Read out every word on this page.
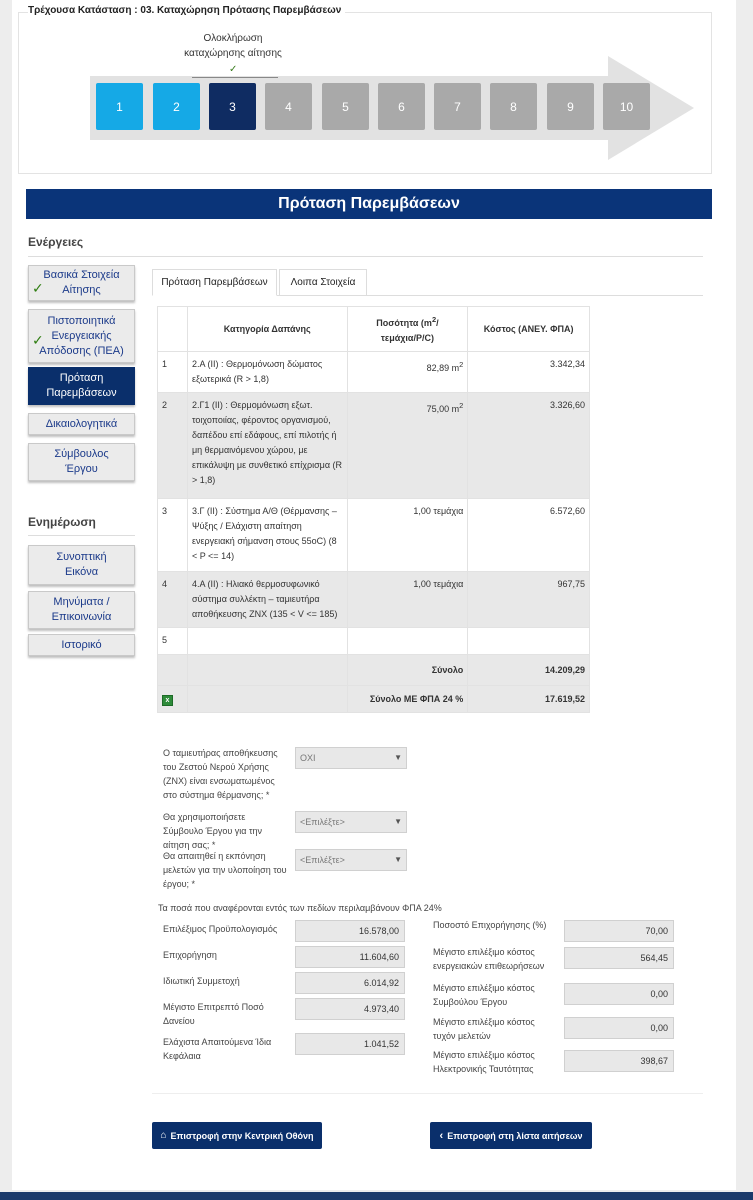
Τρέχουσα Κατάσταση : 03. Καταχώρηση Πρότασης Παρεμβάσεων
Ολοκλήρωση καταχώρησης αίτησης
✓
1	2	3	4	5	6	7	8	9	10
Πρόταση Παρεμβάσεων
Ενέργειες
✓
Βασικά Στοιχεία Αίτησης
✓
Πιστοποιητικά Ενεργειακής Απόδοσης (ΠΕΑ)
Πρόταση Παρεμβάσεων
Δικαιολογητικά
Σύμβουλος Έργου
Ενημέρωση
Συνοπτική Εικόνα
Μηνύματα / Επικοινωνία
Ιστορικό
Πρόταση Παρεμβάσεων	Λοιπα Στοιχεία
	Κατηγορία Δαπάνης	Ποσότητα ($m^2/$
τεμάχια/P/C)	Κόστος (ΑΝΕΥ. ΦΠΑ)
1	2.Α (ΙΙ) : Θερμομόνωση δώματος εξωτερικά (R > 1,8)	82,89 $m^2$	3.342,34
2	2.Γ1 (ΙΙ) : Θερμομόνωση εξωτ. τοιχοποιίας, φέροντος οργανισμού, δαπέδου επί εδάφους, επί πιλοτής ή μη θερμαινόμενου χώρου, με επικάλυψη με συνθετικό επίχρισμα (R > 1,8)	75,00 $m^2$	3.326,60
3	3.Γ (ΙΙ) : Σύστημα Α/Θ (Θέρμανσης – Ψύξης / Ελάχιστη απαίτηση ενεργειακή σήμανση στους 55oC) (8 < P <= 14)	1,00 τεμάχια	6.572,60
4	4.Α (ΙΙ) : Ηλιακό θερμοσυφωνικό σύστημα συλλέκτη – ταμιευτήρα αποθήκευσης ΖΝΧ (135 < V <= 185)	1,00 τεμάχια	967,75
5			
		Σύνολο	14.209,29
x		Σύνολο ΜΕ ΦΠΑ 24 %	17.619,52
Ο ταμιευτήρας αποθήκευσης του Ζεστού Νερού Χρήσης (ΖΝΧ) είναι ενσωματωμένος στο σύστημα θέρμανσης; *
ΟΧΙ	▼
Θα χρησιμοποιήσετε Σύμβουλο Έργου για την αίτηση σας; *
<Επιλέξτε>	▼
Θα απαιτηθεί η εκπόνηση μελετών για την υλοποίηση του έργου; *
<Επιλέξτε>	▼
Τα ποσά που αναφέρονται εντός των πεδίων περιλαμβάνουν ΦΠΑ 24%
Επιλέξιμος Προϋπολογισμός	16.578,00
Επιχορήγηση	11.604,60
Ιδιωτική Συμμετοχή	6.014,92
Μέγιστο Επιτρεπτό Ποσό Δανείου
4.973,40
Ελάχιστα Απαιτούμενα Ίδια Κεφάλαια
1.041,52
Ποσοστό Επιχορήγησης (%)
70,00
Μέγιστο επιλέξιμο κόστος ενεργειακών επιθεωρήσεων
564,45
Μέγιστο επιλέξιμο κόστος Συμβούλου Έργου
0,00
Μέγιστο επιλέξιμο κόστος τυχόν μελετών
0,00
Μέγιστο επιλέξιμο κόστος Ηλεκτρονικής Ταυτότητας
398,67
⌂ Επιστροφή στην Κεντρική Οθόνη	‹ Επιστροφή στη λίστα αιτήσεων
